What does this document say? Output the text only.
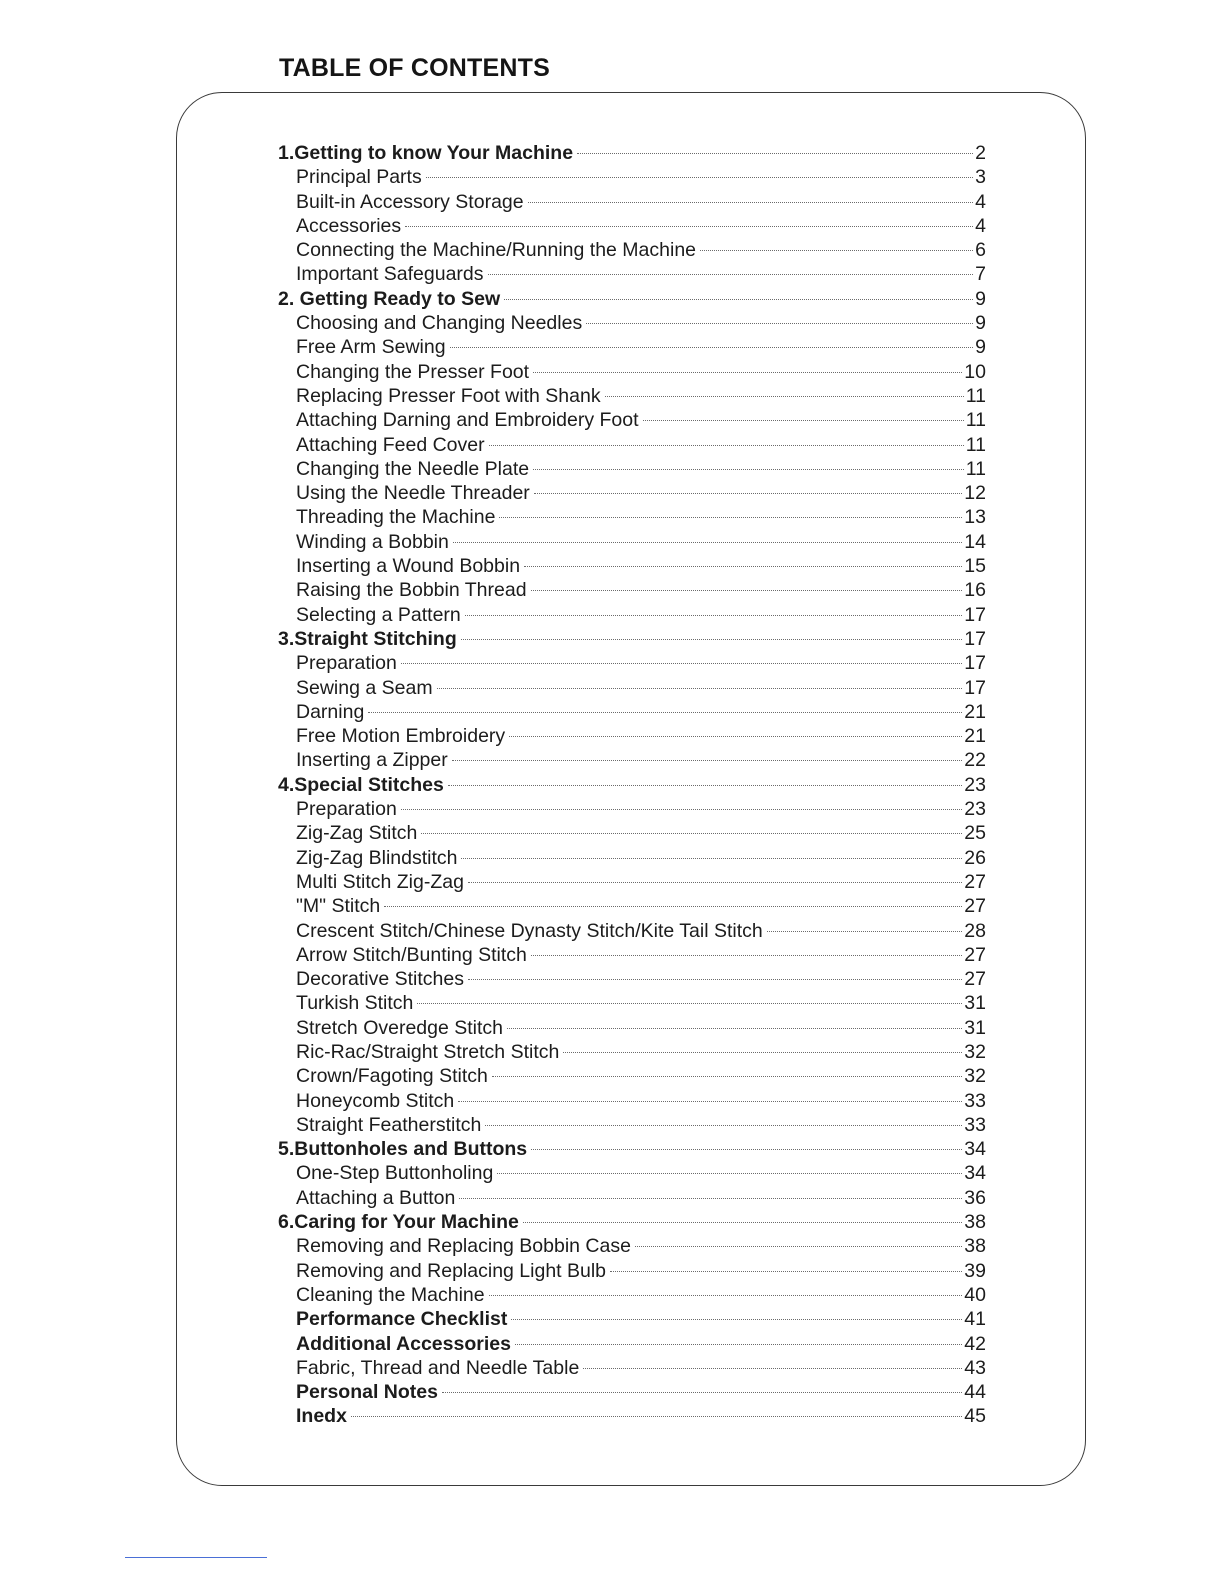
TABLE OF CONTENTS
1.Getting to know Your Machine	2
Principal Parts	3
Built-in Accessory Storage	4
Accessories	4
Connecting the Machine/Running the Machine	6
Important Safeguards	7
2. Getting Ready to Sew	9
Choosing and Changing Needles	9
Free Arm Sewing	9
Changing the Presser Foot	10
Replacing Presser Foot with Shank	11
Attaching Darning and Embroidery Foot	11
Attaching Feed Cover	11
Changing the Needle Plate	11
Using the Needle Threader	12
Threading the Machine	13
Winding a Bobbin	14
Inserting a Wound Bobbin	15
Raising the Bobbin Thread	16
Selecting a Pattern	17
3.Straight Stitching	17
Preparation	17
Sewing a Seam	17
Darning	21
Free Motion Embroidery	21
Inserting a Zipper	22
4.Special Stitches	23
Preparation	23
Zig-Zag Stitch	25
Zig-Zag Blindstitch	26
Multi Stitch Zig-Zag	27
"M" Stitch	27
Crescent Stitch/Chinese Dynasty Stitch/Kite Tail Stitch	28
Arrow Stitch/Bunting Stitch	27
Decorative Stitches	27
Turkish Stitch	31
Stretch Overedge Stitch	31
Ric-Rac/Straight Stretch Stitch	32
Crown/Fagoting Stitch	32
Honeycomb Stitch	33
Straight Featherstitch	33
5.Buttonholes and Buttons	34
One-Step Buttonholing	34
Attaching a Button	36
6.Caring for Your Machine	38
Removing and Replacing Bobbin Case	38
Removing and Replacing Light Bulb	39
Cleaning the Machine	40
Performance Checklist	41
Additional Accessories	42
Fabric, Thread and Needle Table	43
Personal Notes	44
Inedx	45
